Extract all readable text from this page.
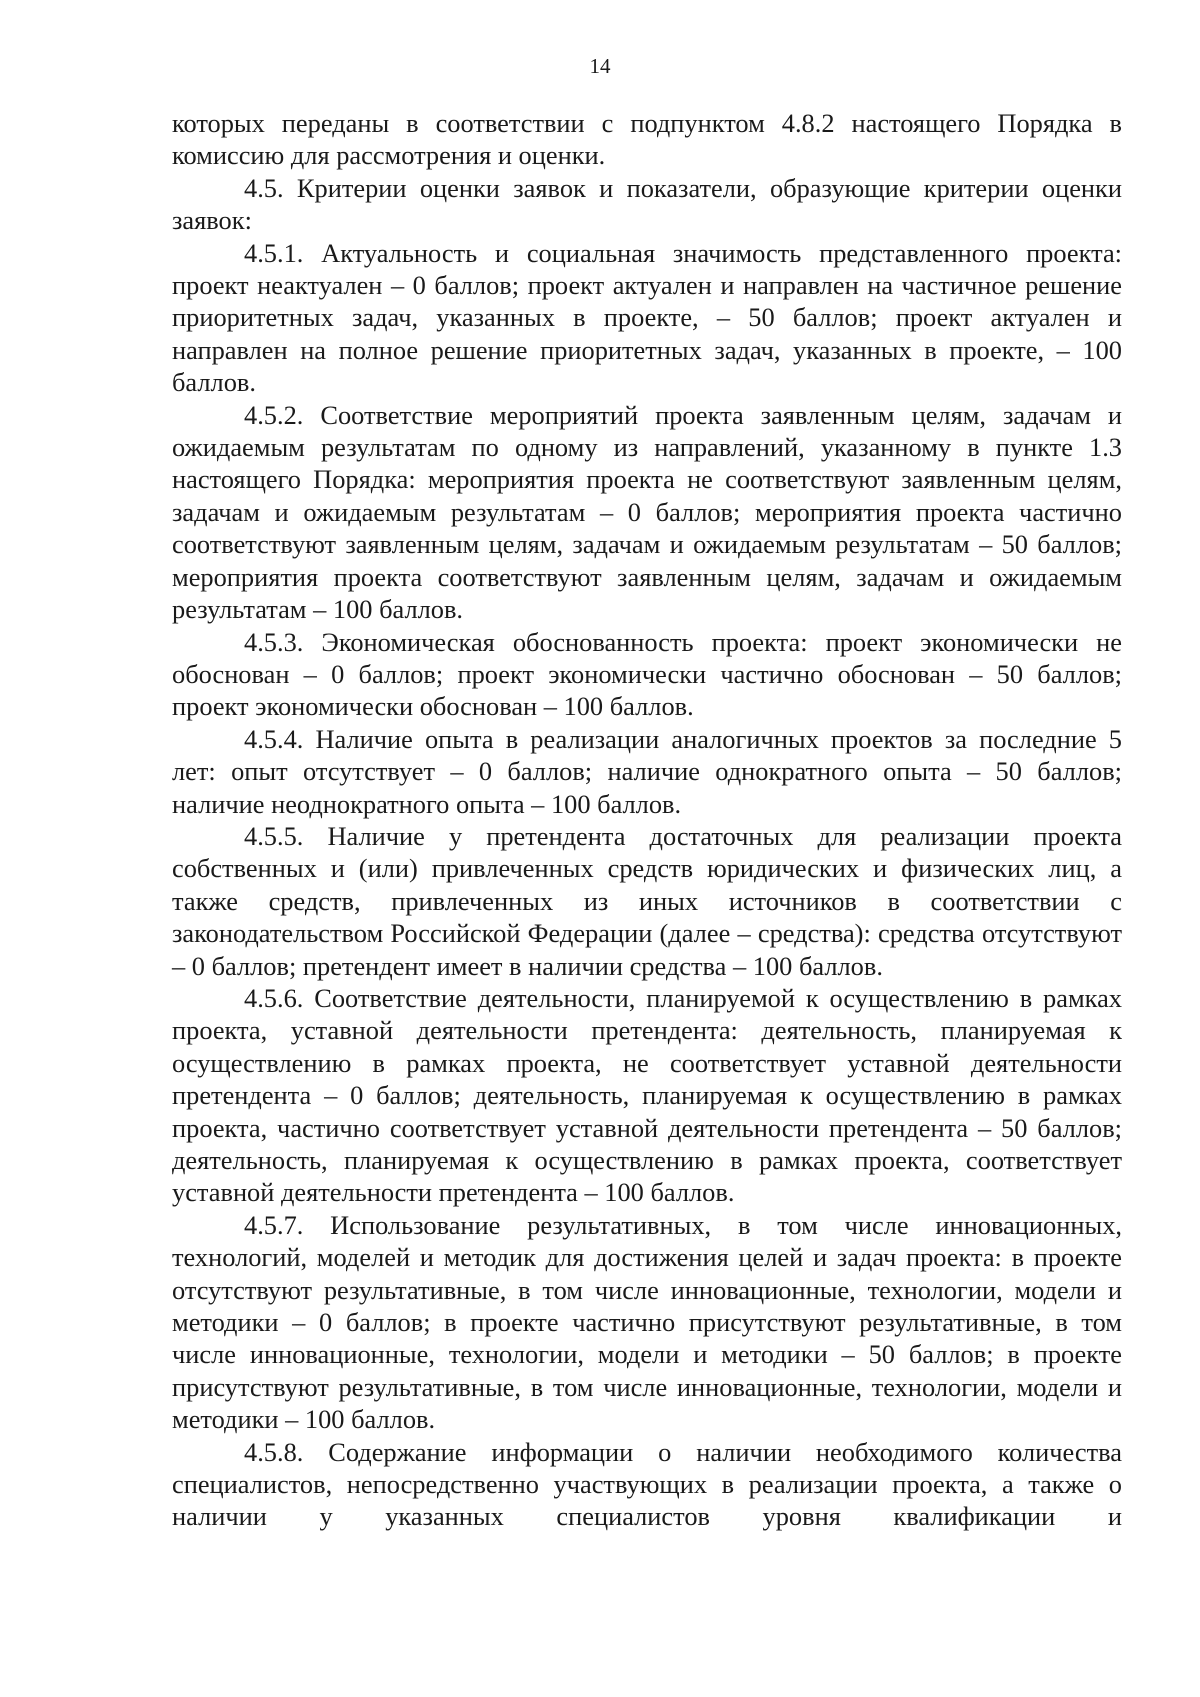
14

которых переданы в соответствии с подпунктом 4.8.2 настоящего Порядка в комиссию для рассмотрения и оценки.

4.5. Критерии оценки заявок и показатели, образующие критерии оценки заявок:

4.5.1. Актуальность и социальная значимость представленного проекта: проект неактуален – 0 баллов; проект актуален и направлен на частичное решение приоритетных задач, указанных в проекте, – 50 баллов; проект актуален и направлен на полное решение приоритетных задач, указанных в проекте, – 100 баллов.

4.5.2. Соответствие мероприятий проекта заявленным целям, задачам и ожидаемым результатам по одному из направлений, указанному в пункте 1.3 настоящего Порядка: мероприятия проекта не соответствуют заявленным целям, задачам и ожидаемым результатам – 0 баллов; мероприятия проекта частично соответствуют заявленным целям, задачам и ожидаемым результатам – 50 баллов; мероприятия проекта соответствуют заявленным целям, задачам и ожидаемым результатам – 100 баллов.

4.5.3. Экономическая обоснованность проекта: проект экономически не обоснован – 0 баллов; проект экономически частично обоснован – 50 баллов; проект экономически обоснован – 100 баллов.

4.5.4. Наличие опыта в реализации аналогичных проектов за последние 5 лет: опыт отсутствует – 0 баллов; наличие однократного опыта – 50 баллов; наличие неоднократного опыта – 100 баллов.

4.5.5. Наличие у претендента достаточных для реализации проекта собственных и (или) привлеченных средств юридических и физических лиц, а также средств, привлеченных из иных источников в соответствии с законодательством Российской Федерации (далее – средства): средства отсутствуют – 0 баллов; претендент имеет в наличии средства – 100 баллов.

4.5.6. Соответствие деятельности, планируемой к осуществлению в рамках проекта, уставной деятельности претендента: деятельность, планируемая к осуществлению в рамках проекта, не соответствует уставной деятельности претендента – 0 баллов; деятельность, планируемая к осуществлению в рамках проекта, частично соответствует уставной деятельности претендента – 50 баллов; деятельность, планируемая к осуществлению в рамках проекта, соответствует уставной деятельности претендента – 100 баллов.

4.5.7. Использование результативных, в том числе инновационных, технологий, моделей и методик для достижения целей и задач проекта: в проекте отсутствуют результативные, в том числе инновационные, технологии, модели и методики – 0 баллов; в проекте частично присутствуют результативные, в том числе инновационные, технологии, модели и методики – 50 баллов; в проекте присутствуют результативные, в том числе инновационные, технологии, модели и методики – 100 баллов.

4.5.8. Содержание информации о наличии необходимого количества специалистов, непосредственно участвующих в реализации проекта, а также о наличии у указанных специалистов уровня квалификации и
